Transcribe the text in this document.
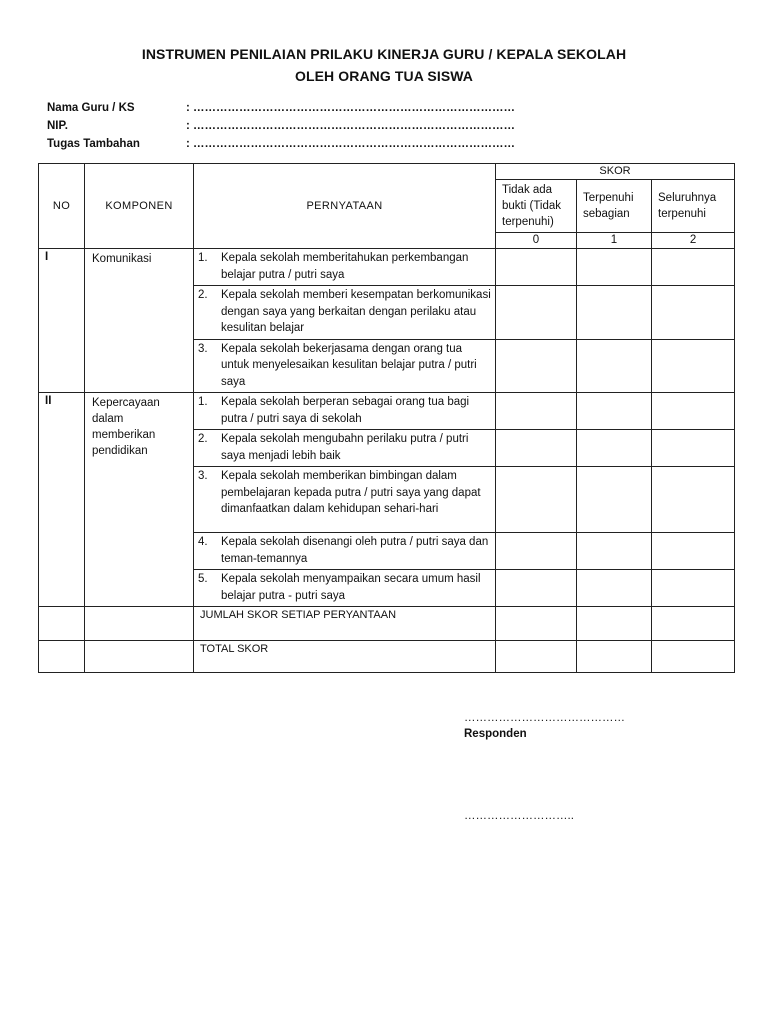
INSTRUMEN PENILAIAN PRILAKU KINERJA GURU / KEPALA SEKOLAH
OLEH ORANG TUA SISWA
Nama Guru / KS	: …………………………………………………………………………
NIP.	: …………………………………………………………………………
Tugas Tambahan	: …………………………………………………………………………
NO	KOMPONEN	PERNYATAAN	SKOR		
			Tidak ada bukti (Tidak terpenuhi)	Terpenuhi sebagian	Seluruhnya terpenuhi
			0	1	2
I	Komunikasi	1. Kepala sekolah memberitahukan perkembangan belajar putra / putri saya			

		2. Kepala sekolah memberi kesempatan berkomunikasi dengan saya yang berkaitan dengan perilaku atau kesulitan belajar			

		3. Kepala sekolah bekerjasama dengan orang tua untuk menyelesaikan kesulitan belajar putra / putri saya			

II	Kepercayaan dalam memberikan pendidikan	1. Kepala sekolah berperan sebagai orang tua bagi putra / putri saya di sekolah			

		2. Kepala sekolah mengubahn perilaku putra / putri saya menjadi lebih baik			

		3. Kepala sekolah memberikan bimbingan dalam pembelajaran kepada putra / putri saya yang dapat dimanfaatkan dalam kehidupan sehari-hari			

		4. Kepala sekolah disenangi oleh putra / putri saya dan teman-temannya			

		5. Kepala sekolah menyampaikan secara umum hasil belajar putra - putri saya			

		JUMLAH SKOR SETIAP PERYANTAAN			
		TOTAL SKOR			
……………………………………
Responden
………………………..
